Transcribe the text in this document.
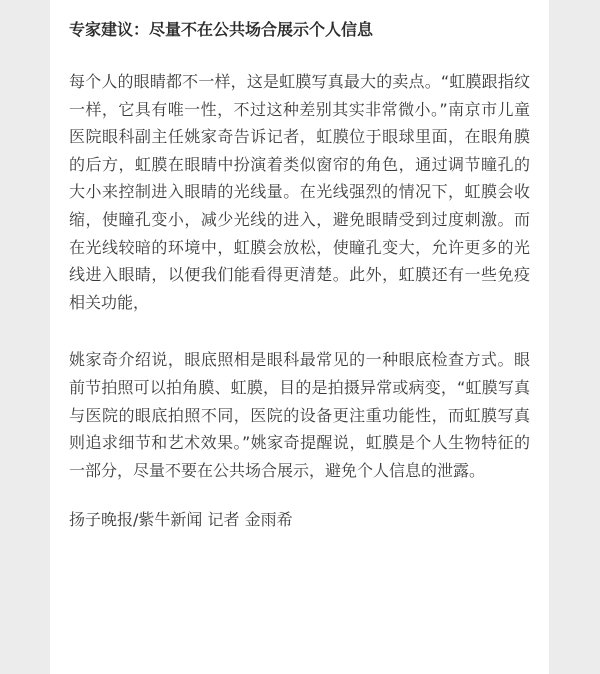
专家建议：尽量不在公共场合展示个人信息

每个人的眼睛都不一样，这是虹膜写真最大的卖点。“虹膜跟指纹一样，它具有唯一性，不过这种差别其实非常微小。”南京市儿童医院眼科副主任姚家奇告诉记者，虹膜位于眼球里面，在眼角膜的后方，虹膜在眼睛中扮演着类似窗帘的角色，通过调节瞳孔的大小来控制进入眼睛的光线量。在光线强烈的情况下，虹膜会收缩，使瞳孔变小，减少光线的进入，避免眼睛受到过度刺激。而在光线较暗的环境中，虹膜会放松，使瞳孔变大，允许更多的光线进入眼睛，以便我们能看得更清楚。此外，虹膜还有一些免疫相关功能，

姚家奇介绍说，眼底照相是眼科最常见的一种眼底检查方式。眼前节拍照可以拍角膜、虹膜，目的是拍摄异常或病变，“虹膜写真与医院的眼底拍照不同，医院的设备更注重功能性，而虹膜写真则追求细节和艺术效果。”姚家奇提醒说，虹膜是个人生物特征的一部分，尽量不要在公共场合展示，避免个人信息的泄露。

扬子晚报/紫牛新闻 记者 金雨希
